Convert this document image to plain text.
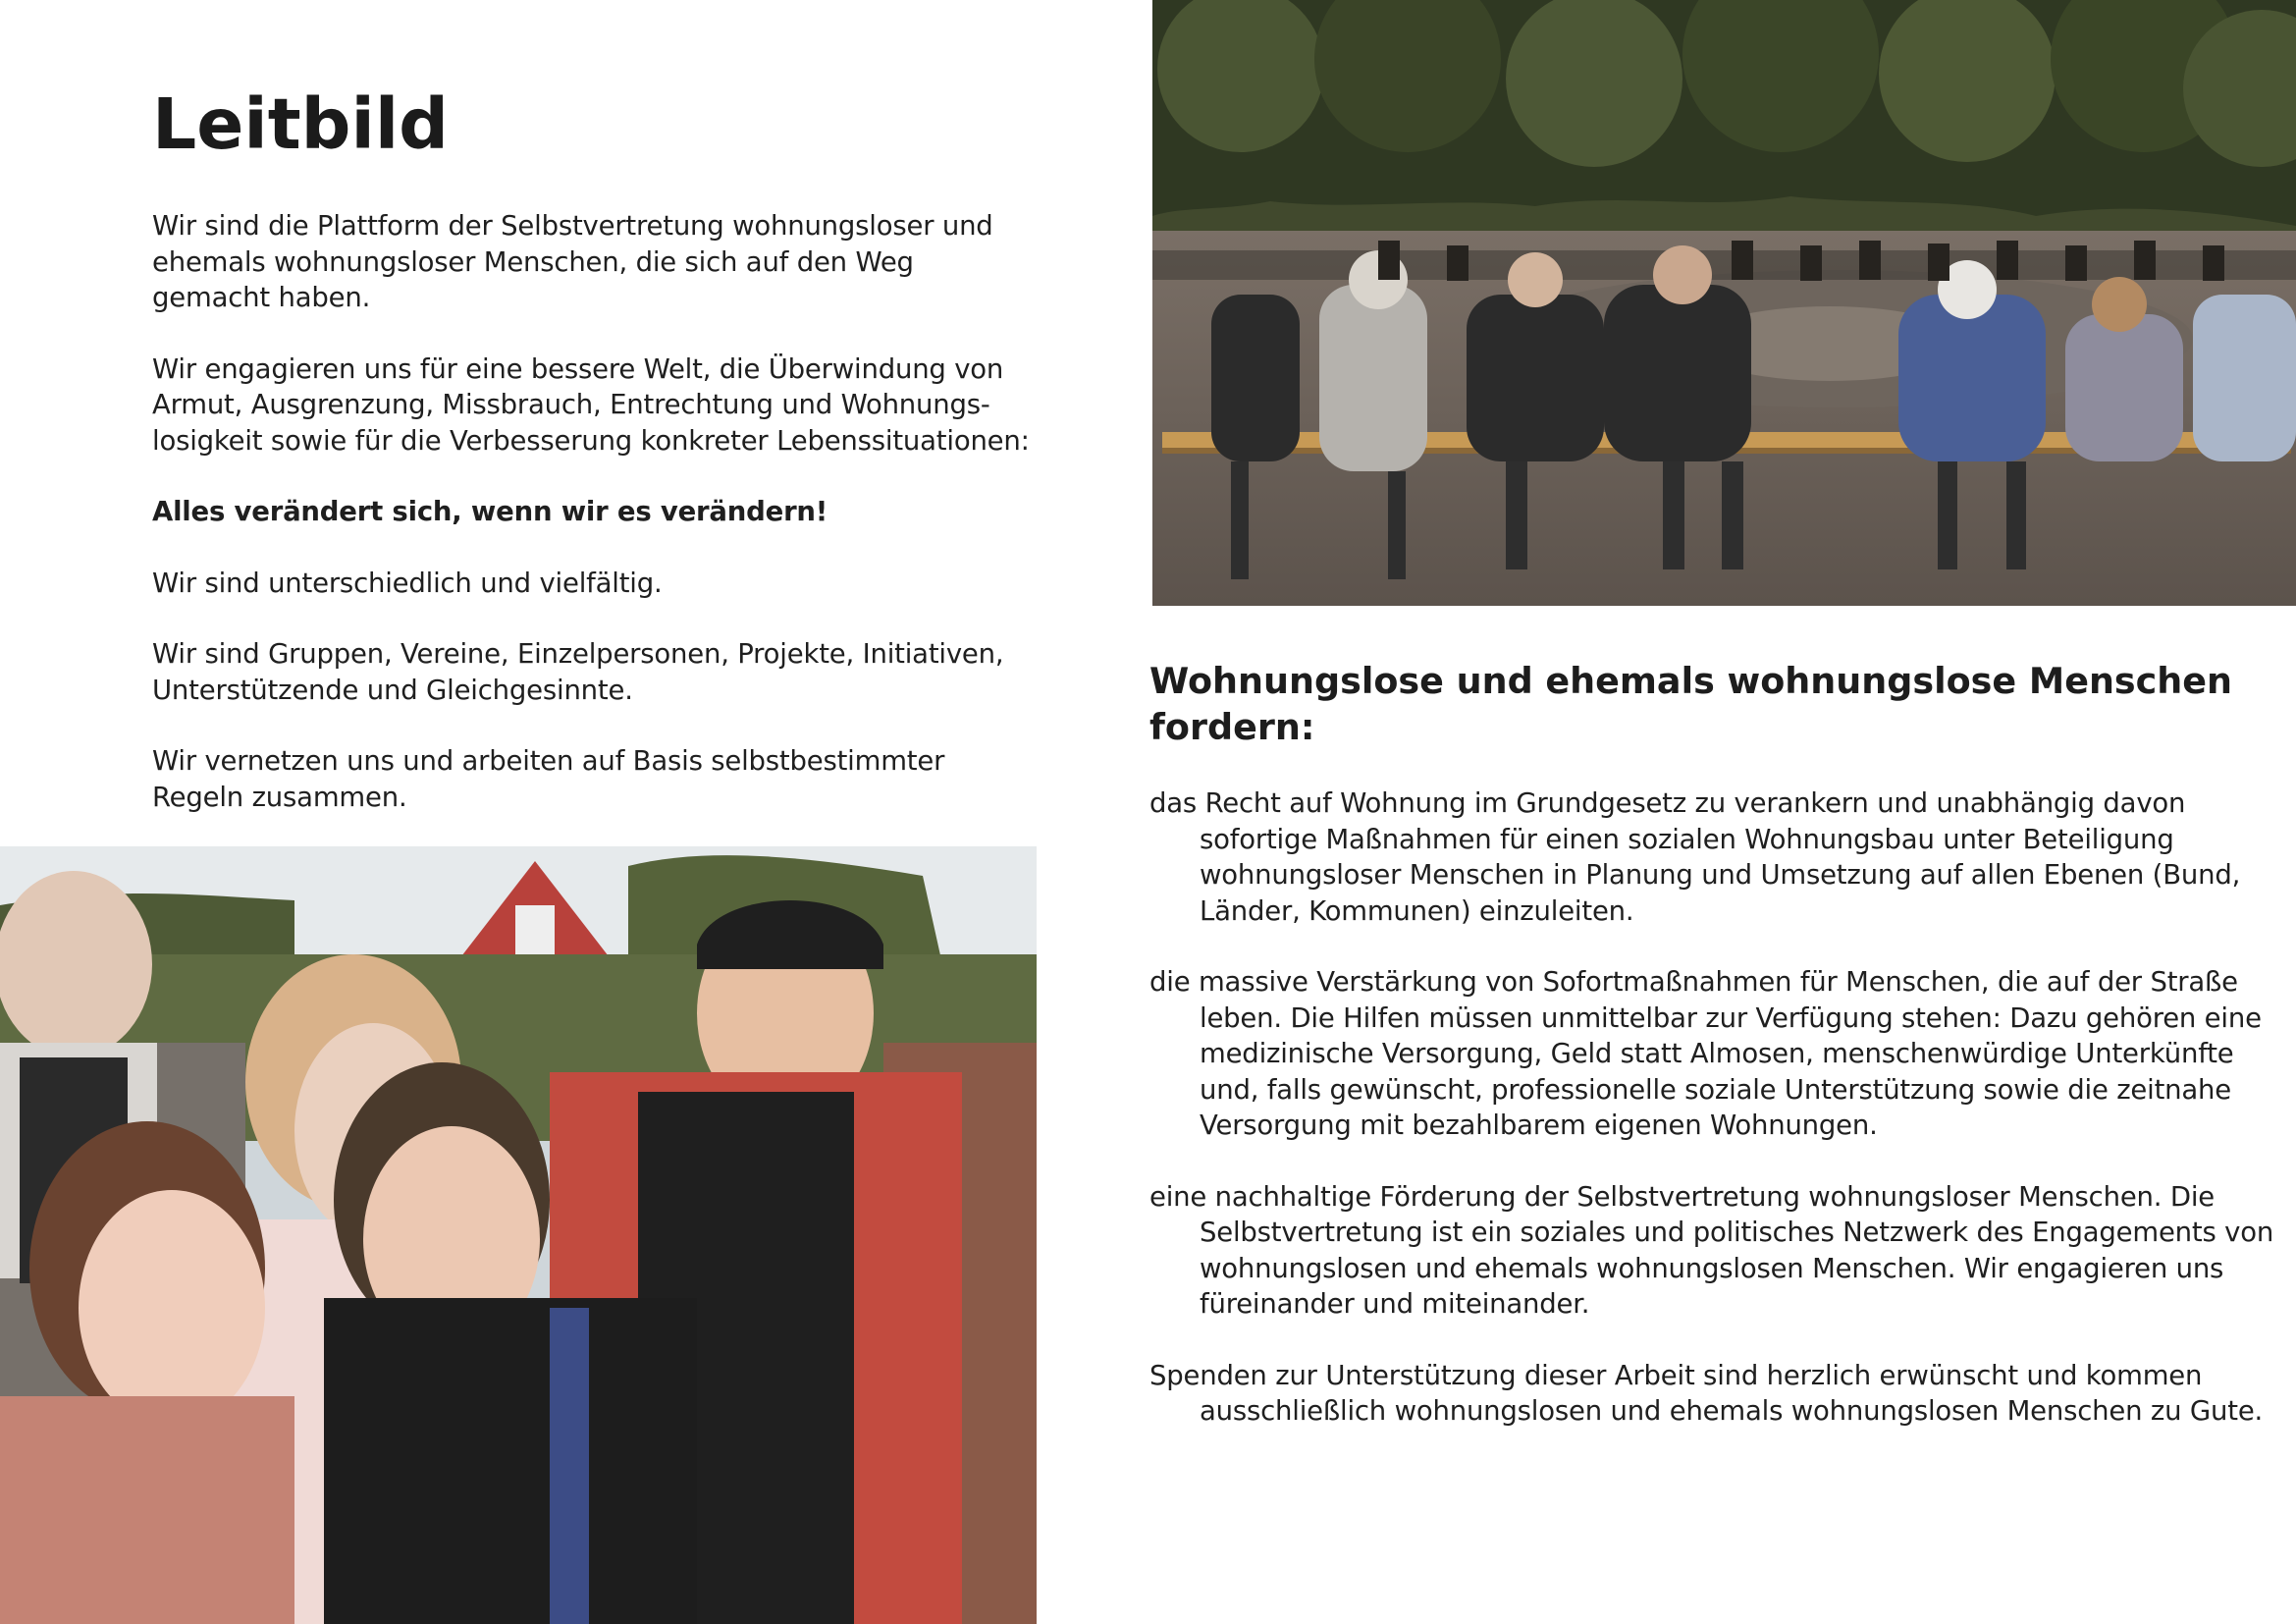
Leitbild

Wir sind die Plattform der Selbstvertretung wohnungsloser und ehemals wohnungsloser Menschen, die sich auf den Weg gemacht haben.

Wir engagieren uns für eine bessere Welt, die Überwindung von Armut, Ausgrenzung, Missbrauch, Entrechtung und Wohnungs-losigkeit sowie für die Verbesserung konkreter Lebenssituationen:

Alles verändert sich, wenn wir es verändern!

Wir sind unterschiedlich und vielfältig.

Wir sind Gruppen, Vereine, Einzelpersonen, Projekte, Initiativen, Unterstützende und Gleichgesinnte.

Wir vernetzen uns und arbeiten auf Basis selbstbestimmter Regeln zusammen.

Wohnungslose und ehemals wohnungslose Menschen fordern:

das Recht auf Wohnung im Grundgesetz zu verankern und unabhängig davon sofortige Maßnahmen für einen sozialen Wohnungsbau unter Beteiligung wohnungsloser Menschen in Planung und Umsetzung auf allen Ebenen (Bund, Länder, Kommunen) einzuleiten.

die massive Verstärkung von Sofortmaßnahmen für Menschen, die auf der Straße leben. Die Hilfen müssen unmittelbar zur Verfügung stehen: Dazu gehören eine medizinische Versorgung, Geld statt Almosen, menschenwürdige Unterkünfte und, falls gewünscht, professionelle soziale Unterstützung sowie die zeitnahe Versorgung mit bezahlbarem eigenen Wohnungen.

eine nachhaltige Förderung der Selbstvertretung wohnungsloser Menschen. Die Selbstvertretung ist ein soziales und politisches Netzwerk des Engagements von wohnungslosen und ehemals wohnungslosen Menschen. Wir engagieren uns füreinander und miteinander.

Spenden zur Unterstützung dieser Arbeit sind herzlich erwünscht und kommen ausschließlich wohnungslosen und ehemals wohnungslosen Menschen zu Gute.
